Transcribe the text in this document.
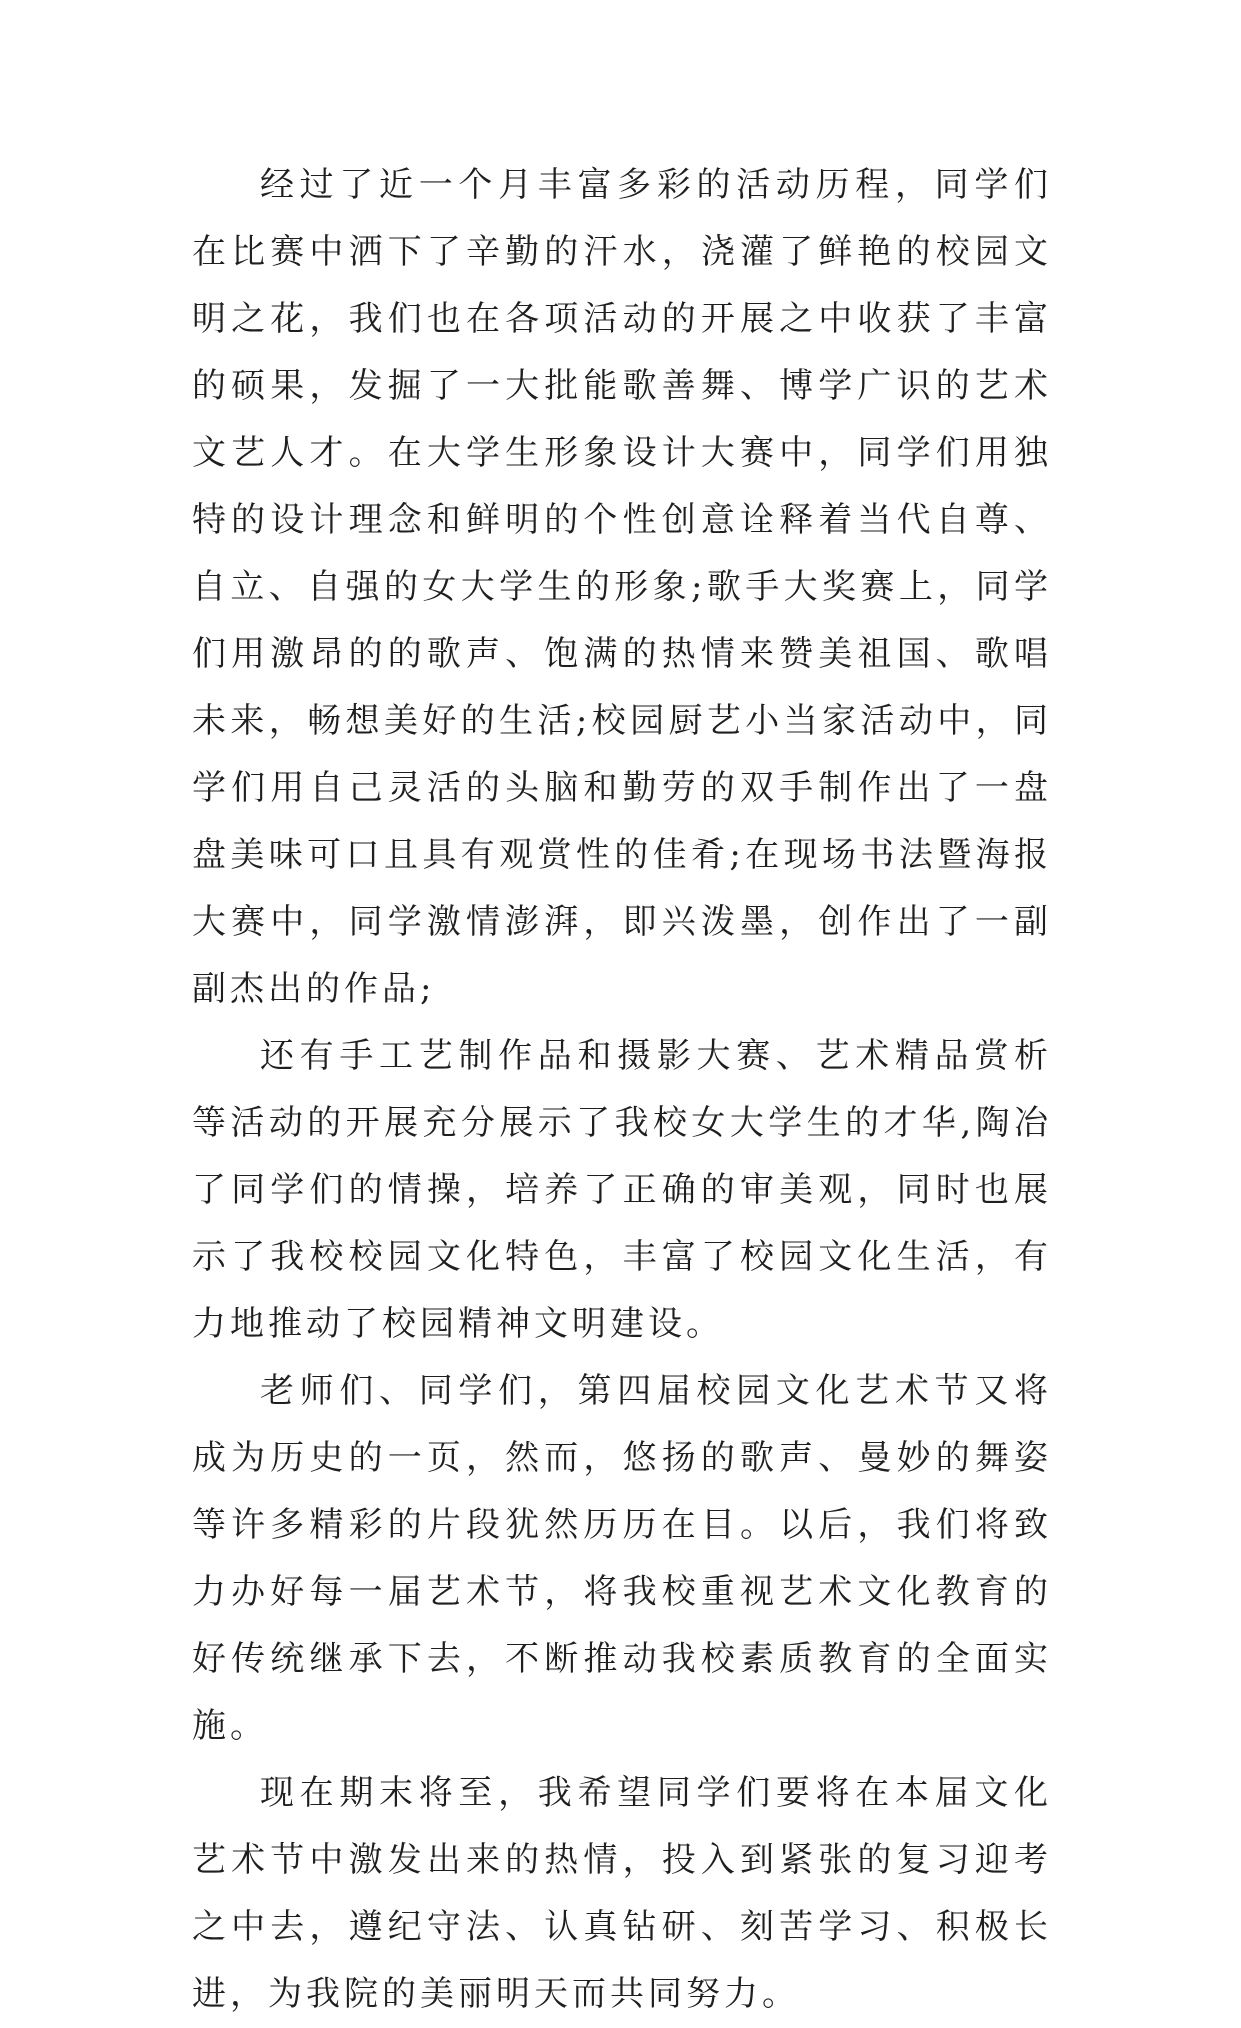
经过了近一个月丰富多彩的活动历程，同学们在比赛中洒下了辛勤的汗水，浇灌了鲜艳的校园文明之花，我们也在各项活动的开展之中收获了丰富的硕果，发掘了一大批能歌善舞、博学广识的艺术文艺人才。在大学生形象设计大赛中，同学们用独特的设计理念和鲜明的个性创意诠释着当代自尊、自立、自强的女大学生的形象;歌手大奖赛上，同学们用激昂的的歌声、饱满的热情来赞美祖国、歌唱未来，畅想美好的生活;校园厨艺小当家活动中，同学们用自己灵活的头脑和勤劳的双手制作出了一盘盘美味可口且具有观赏性的佳肴;在现场书法暨海报大赛中，同学激情澎湃，即兴泼墨，创作出了一副副杰出的作品;

还有手工艺制作品和摄影大赛、艺术精品赏析等活动的开展充分展示了我校女大学生的才华,陶冶了同学们的情操，培养了正确的审美观，同时也展示了我校校园文化特色，丰富了校园文化生活，有力地推动了校园精神文明建设。

老师们、同学们，第四届校园文化艺术节又将成为历史的一页，然而，悠扬的歌声、曼妙的舞姿等许多精彩的片段犹然历历在目。以后，我们将致力办好每一届艺术节，将我校重视艺术文化教育的好传统继承下去，不断推动我校素质教育的全面实施。

现在期末将至，我希望同学们要将在本届文化艺术节中激发出来的热情，投入到紧张的复习迎考之中去，遵纪守法、认真钻研、刻苦学习、积极长进，为我院的美丽明天而共同努力。
